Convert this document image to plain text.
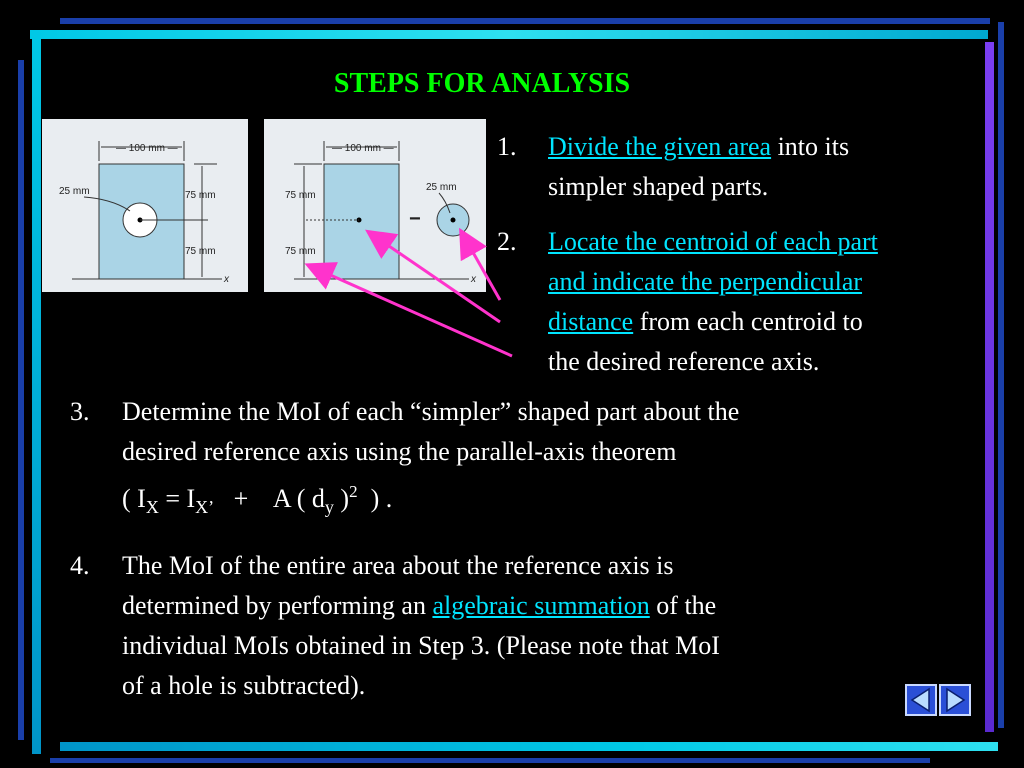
STEPS FOR ANALYSIS
— 100 mm —
25 mm	75 mm
75 mm
x
— 100 mm —
75 mm
75 mm
−
25 mm
x
1. Divide the given area into its
simpler shaped parts.
2. Locate the centroid of each part
and indicate the perpendicular
distance from each centroid to
the desired reference axis.
3. Determine the MoI of each “simpler” shaped part about the
desired reference axis using the parallel-axis theorem
( $I_X = I_{X’}$   +    A ( $d_y$ )$^2$  ) .
4. The MoI of the entire area about the reference axis is
determined by performing an algebraic summation of the
individual MoIs obtained in Step 3. (Please note that MoI
of a hole is subtracted).
